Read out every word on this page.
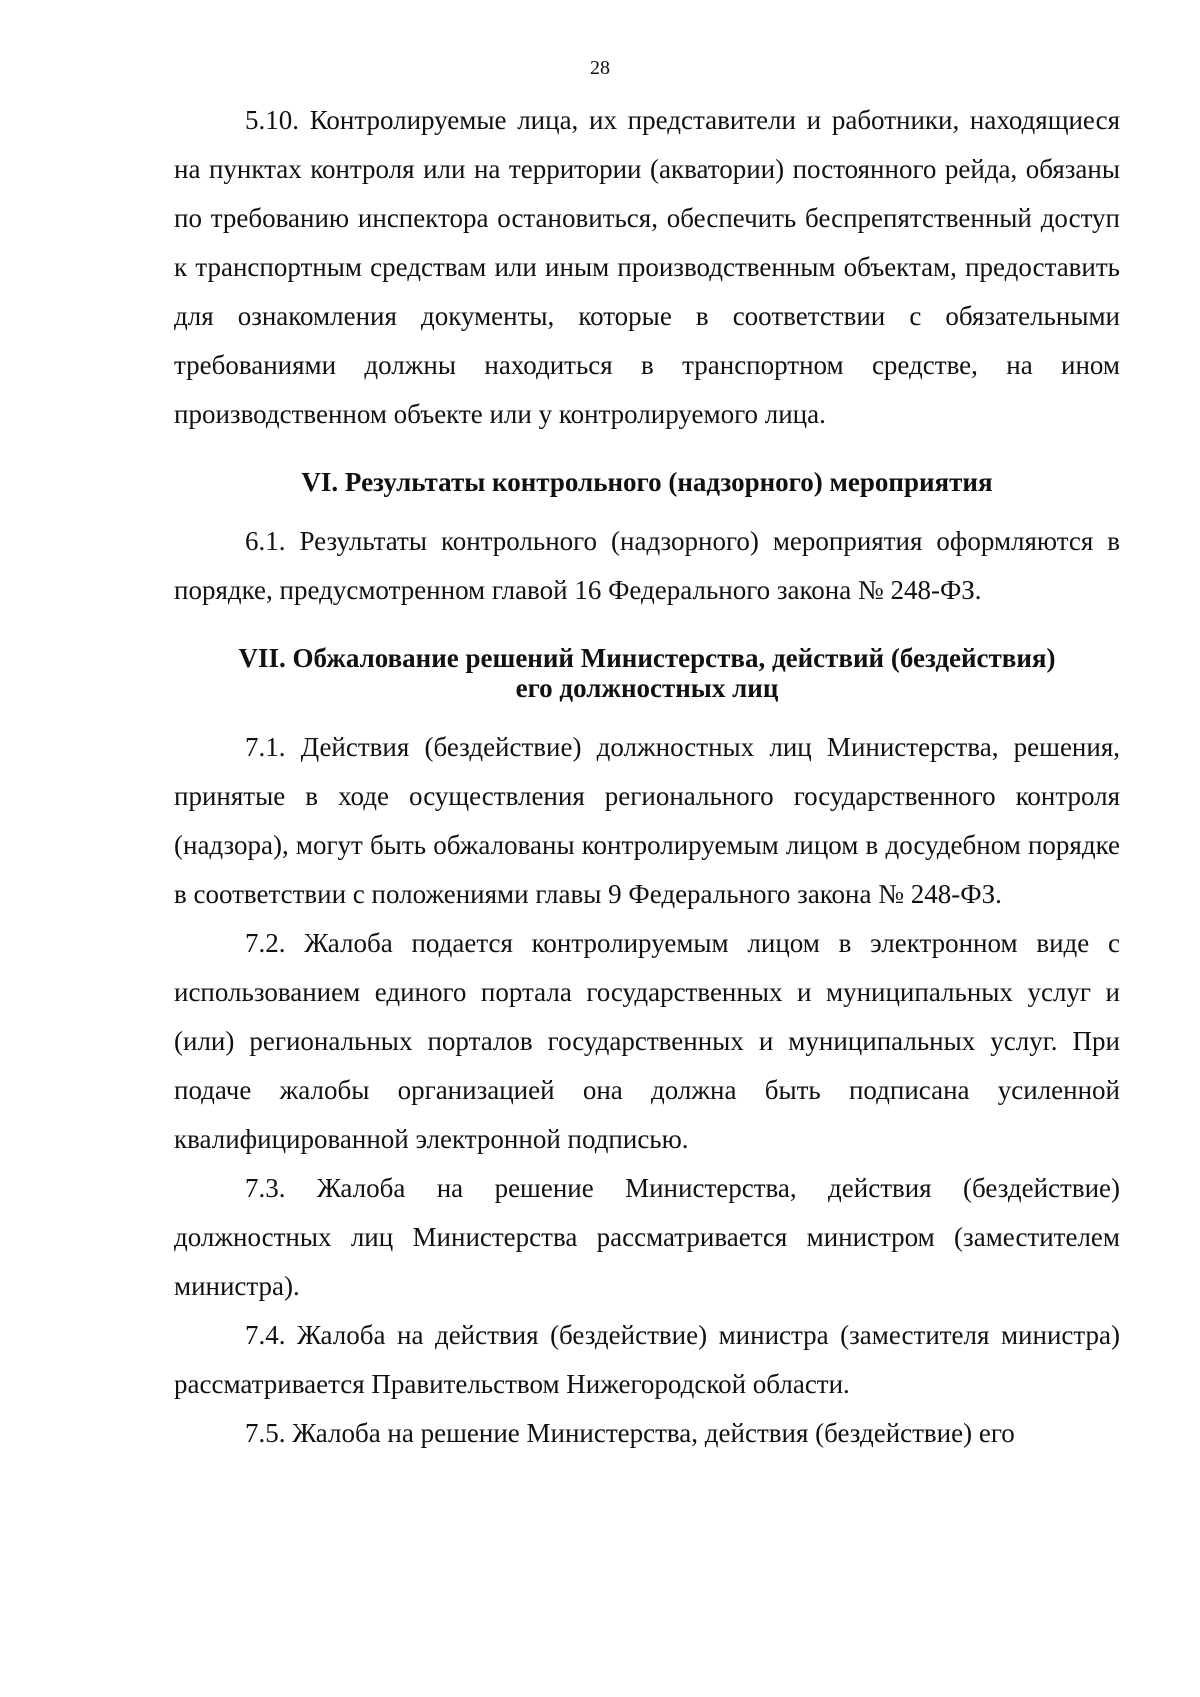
28

5.10. Контролируемые лица, их представители и работники, находящиеся на пунктах контроля или на территории (акватории) постоянного рейда, обязаны по требованию инспектора остановиться, обеспечить беспрепятственный доступ к транспортным средствам или иным производственным объектам, предоставить для ознакомления документы, которые в соответствии с обязательными требованиями должны находиться в транспортном средстве, на ином производственном объекте или у контролируемого лица.

VI. Результаты контрольного (надзорного) мероприятия

6.1. Результаты контрольного (надзорного) мероприятия оформляются в порядке, предусмотренном главой 16 Федерального закона № 248-ФЗ.

VII. Обжалование решений Министерства, действий (бездействия)

его должностных лиц

7.1. Действия (бездействие) должностных лиц Министерства, решения, принятые в ходе осуществления регионального государственного контроля (надзора), могут быть обжалованы контролируемым лицом в досудебном порядке в соответствии с положениями главы 9 Федерального закона № 248-ФЗ.

7.2. Жалоба подается контролируемым лицом в электронном виде с использованием единого портала государственных и муниципальных услуг и (или) региональных порталов государственных и муниципальных услуг. При подаче жалобы организацией она должна быть подписана усиленной квалифицированной электронной подписью.

7.3. Жалоба на решение Министерства, действия (бездействие) должностных лиц Министерства рассматривается министром (заместителем министра).

7.4. Жалоба на действия (бездействие) министра (заместителя министра) рассматривается Правительством Нижегородской области.

7.5. Жалоба на решение Министерства, действия (бездействие) его
